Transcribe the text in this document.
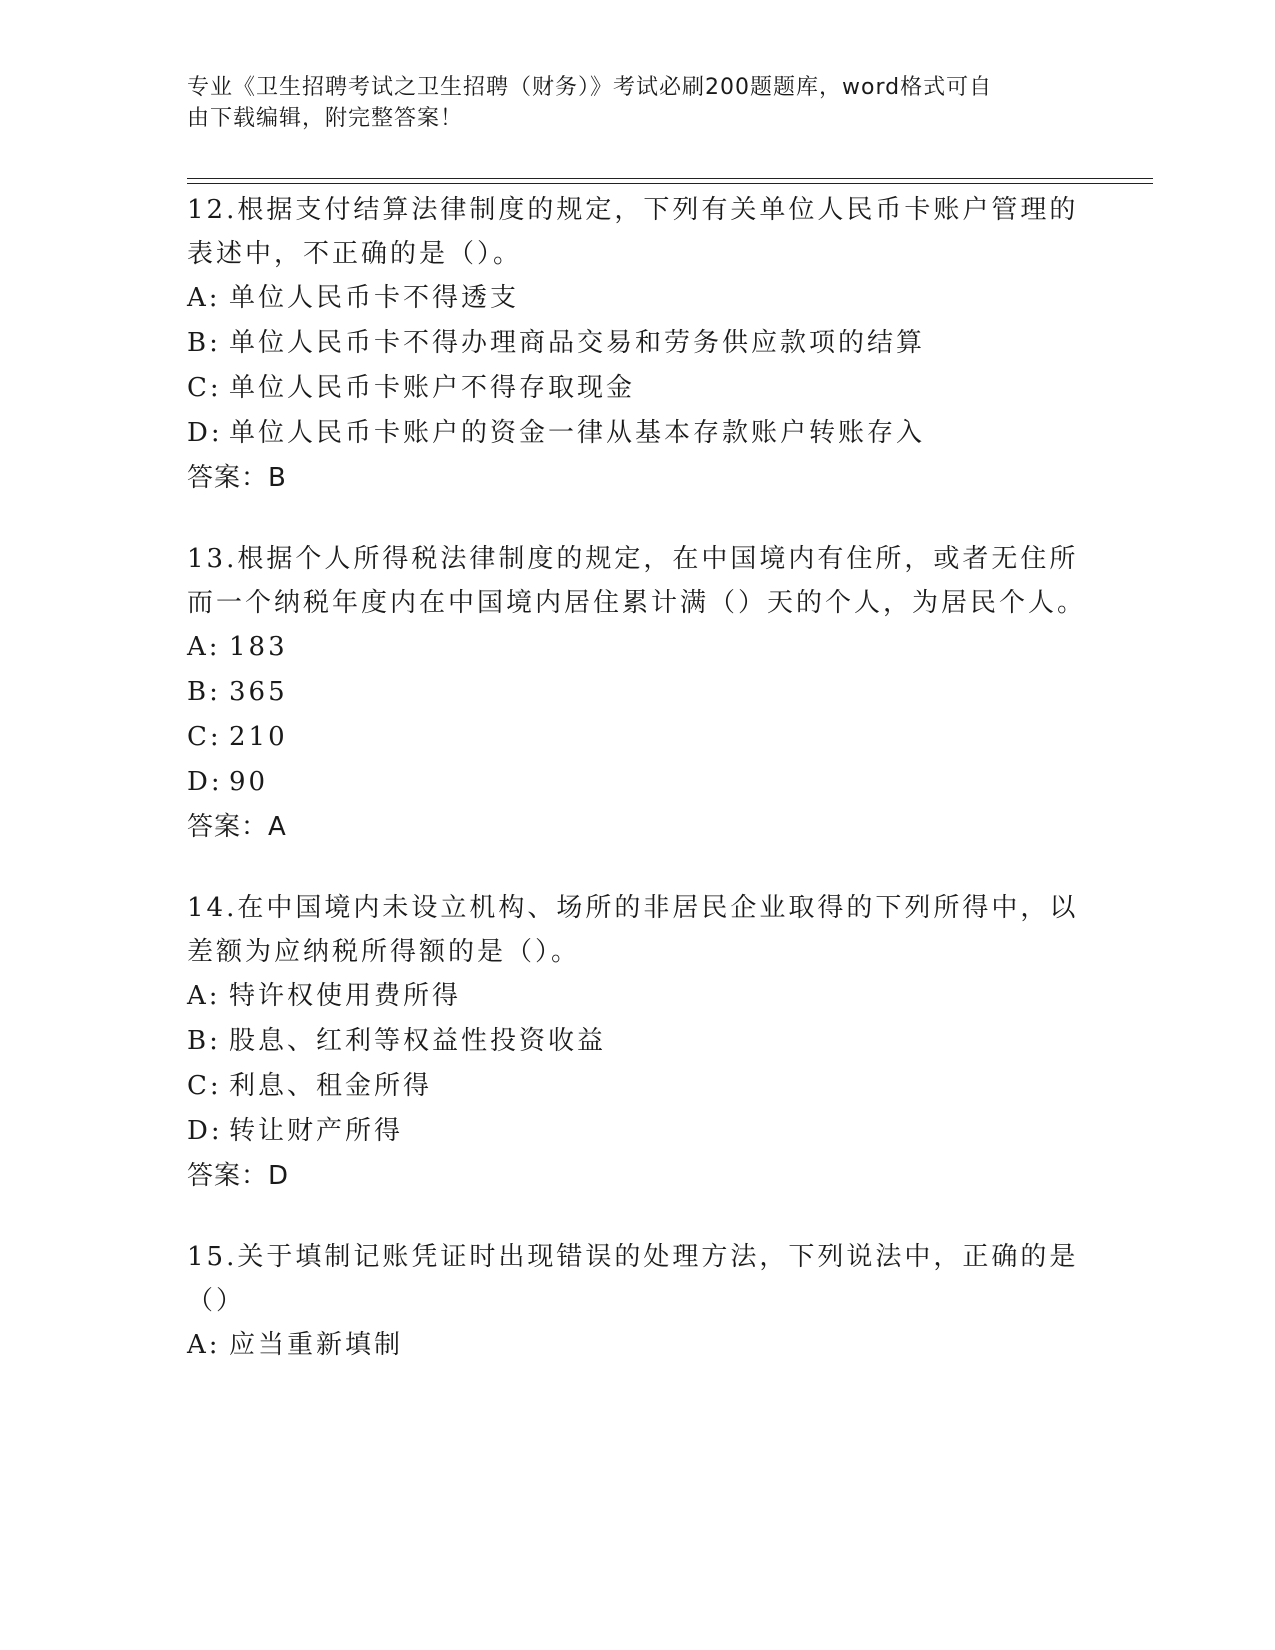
专业《卫生招聘考试之卫生招聘（财务）》考试必刷200题题库，word格式可自
由下载编辑，附完整答案！

12.根据支付结算法律制度的规定，下列有关单位人民币卡账户管理的表述中，不正确的是（）。

A: 单位人民币卡不得透支

B: 单位人民币卡不得办理商品交易和劳务供应款项的结算

C: 单位人民币卡账户不得存取现金

D: 单位人民币卡账户的资金一律从基本存款账户转账存入

答案：B

13.根据个人所得税法律制度的规定，在中国境内有住所，或者无住所而一个纳税年度内在中国境内居住累计满（）天的个人，为居民个人。

A: 183

B: 365

C: 210

D: 90

答案：A

14.在中国境内未设立机构、场所的非居民企业取得的下列所得中，以差额为应纳税所得额的是（）。

A: 特许权使用费所得

B: 股息、红利等权益性投资收益

C: 利息、租金所得

D: 转让财产所得

答案：D

15.关于填制记账凭证时出现错误的处理方法，下列说法中，正确的是（）

A: 应当重新填制
